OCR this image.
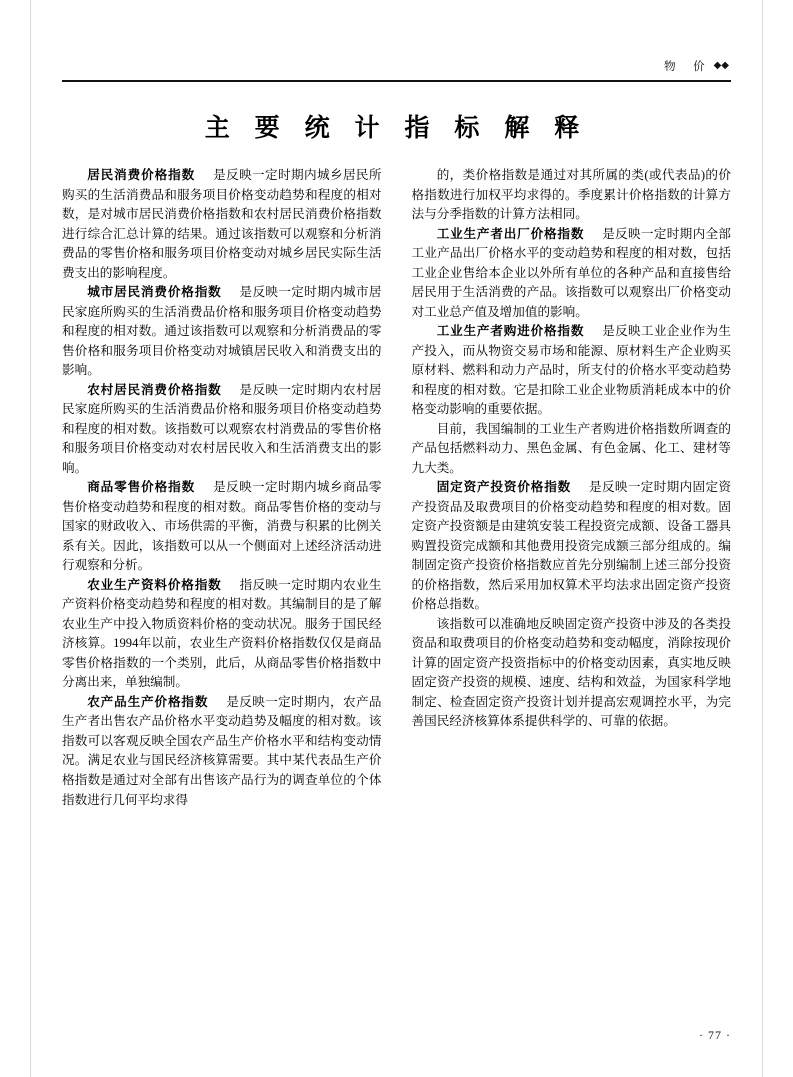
物　价 ◆◆
主 要 统 计 指 标 解 释

居民消费价格指数 是反映一定时期内城乡居民所购买的生活消费品和服务项目价格变动趋势和程度的相对数，是对城市居民消费价格指数和农村居民消费价格指数进行综合汇总计算的结果。通过该指数可以观察和分析消费品的零售价格和服务项目价格变动对城乡居民实际生活费支出的影响程度。

城市居民消费价格指数 是反映一定时期内城市居民家庭所购买的生活消费品价格和服务项目价格变动趋势和程度的相对数。通过该指数可以观察和分析消费品的零售价格和服务项目价格变动对城镇居民收入和消费支出的影响。

农村居民消费价格指数 是反映一定时期内农村居民家庭所购买的生活消费品价格和服务项目价格变动趋势和程度的相对数。该指数可以观察农村消费品的零售价格和服务项目价格变动对农村居民收入和生活消费支出的影响。

商品零售价格指数 是反映一定时期内城乡商品零售价格变动趋势和程度的相对数。商品零售价格的变动与国家的财政收入、市场供需的平衡，消费与积累的比例关系有关。因此，该指数可以从一个侧面对上述经济活动进行观察和分析。

农业生产资料价格指数 指反映一定时期内农业生产资料价格变动趋势和程度的相对数。其编制目的是了解农业生产中投入物质资料价格的变动状况。服务于国民经济核算。1994年以前，农业生产资料价格指数仅仅是商品零售价格指数的一个类别，此后，从商品零售价格指数中分离出来，单独编制。

农产品生产价格指数 是反映一定时期内，农产品生产者出售农产品价格水平变动趋势及幅度的相对数。该指数可以客观反映全国农产品生产价格水平和结构变动情况。满足农业与国民经济核算需要。其中某代表品生产价格指数是通过对全部有出售该产品行为的调查单位的个体指数进行几何平均求得

的，类价格指数是通过对其所属的类(或代表品)的价格指数进行加权平均求得的。季度累计价格指数的计算方法与分季指数的计算方法相同。

工业生产者出厂价格指数 是反映一定时期内全部工业产品出厂价格水平的变动趋势和程度的相对数，包括工业企业售给本企业以外所有单位的各种产品和直接售给居民用于生活消费的产品。该指数可以观察出厂价格变动对工业总产值及增加值的影响。

工业生产者购进价格指数 是反映工业企业作为生产投入，而从物资交易市场和能源、原材料生产企业购买原材料、燃料和动力产品时，所支付的价格水平变动趋势和程度的相对数。它是扣除工业企业物质消耗成本中的价格变动影响的重要依据。

目前，我国编制的工业生产者购进价格指数所调查的产品包括燃料动力、黑色金属、有色金属、化工、建材等九大类。

固定资产投资价格指数 是反映一定时期内固定资产投资品及取费项目的价格变动趋势和程度的相对数。固定资产投资额是由建筑安装工程投资完成额、设备工器具购置投资完成额和其他费用投资完成额三部分组成的。编制固定资产投资价格指数应首先分别编制上述三部分投资的价格指数，然后采用加权算术平均法求出固定资产投资价格总指数。

该指数可以准确地反映固定资产投资中涉及的各类投资品和取费项目的价格变动趋势和变动幅度，消除按现价计算的固定资产投资指标中的价格变动因素，真实地反映固定资产投资的规模、速度、结构和效益，为国家科学地制定、检查固定资产投资计划并提高宏观调控水平，为完善国民经济核算体系提供科学的、可靠的依据。

· 77 ·
